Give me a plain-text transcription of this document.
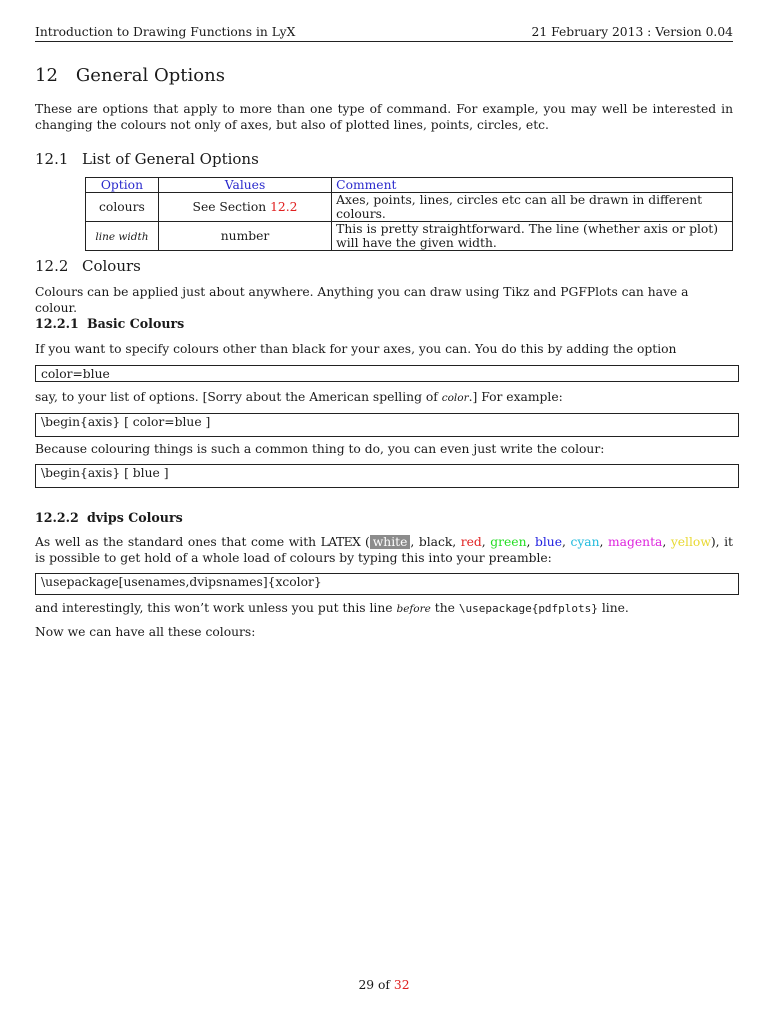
Introduction to Drawing Functions in LyX	21 February 2013 : Version 0.04
12 General Options
These are options that apply to more than one type of command. For example, you may well be interested in changing the colours not only of axes, but also of plotted lines, points, circles, etc.
12.1 List of General Options
Option	Values	Comment
colours	See Section 12.2	Axes, points, lines, circles etc can all be drawn in different colours.
line width	number	This is pretty straightforward. The line (whether axis or plot) will have the given width.
12.2 Colours
Colours can be applied just about anywhere. Anything you can draw using Tikz and PGFPlots can have a colour.
12.2.1 Basic Colours
If you want to specify colours other than black for your axes, you can. You do this by adding the option
color=blue
say, to your list of options. [Sorry about the American spelling of color.] For example:
\begin{axis} [ color=blue ]
Because colouring things is such a common thing to do, you can even just write the colour:
\begin{axis} [ blue ]
12.2.2 dvips Colours
As well as the standard ones that come with LATEX ( white , black, red, green, blue, cyan, magenta, yellow), it is possible to get hold of a whole load of colours by typing this into your preamble:
\usepackage[usenames,dvipsnames]{xcolor}
and interestingly, this won’t work unless you put this line before the \usepackage{pdfplots} line.
Now we can have all these colours:
29 of 32
